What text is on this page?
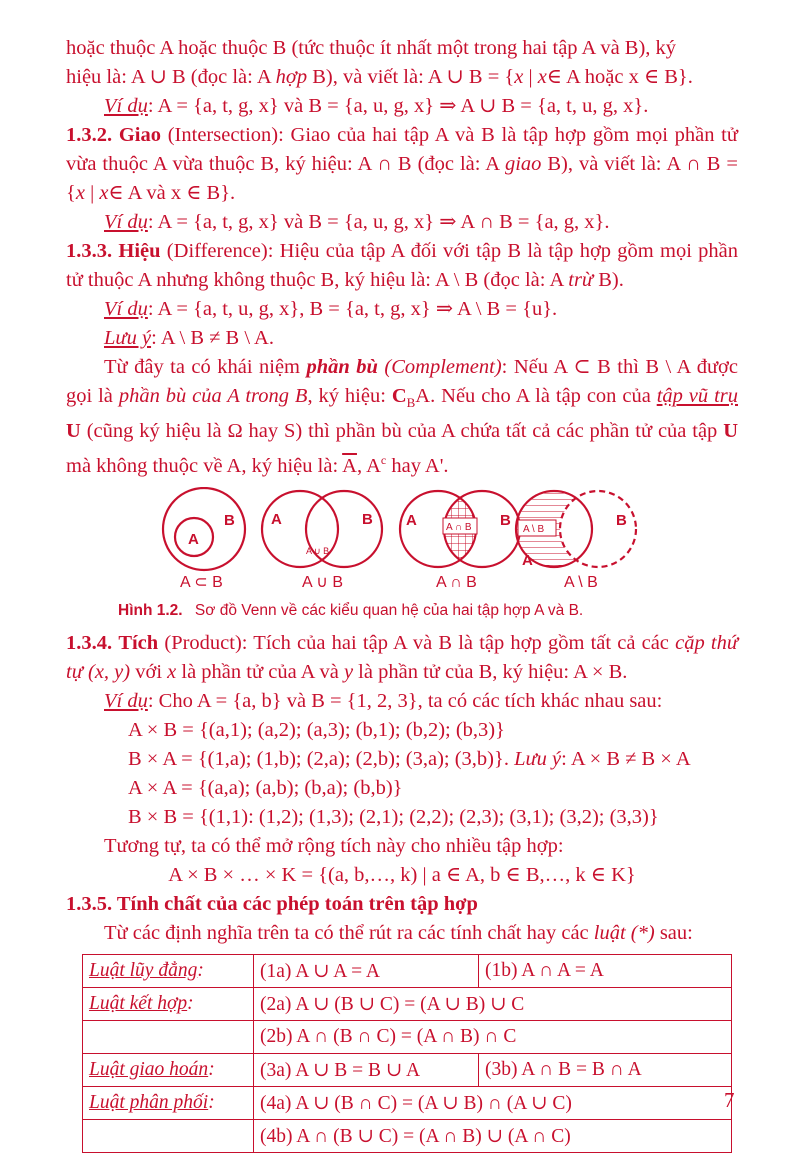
hoặc thuộc A hoặc thuộc B (tức thuộc ít nhất một trong hai tập A và B), ký

hiệu là: A ∪ B (đọc là: A hợp B), và viết là: A ∪ B = {x | x∈ A hoặc x ∈ B}.

Ví dụ: A = {a, t, g, x} và B = {a, u, g, x} ⇒ A ∪ B = {a, t, u, g, x}.

1.3.2. Giao (Intersection): Giao của hai tập A và B là tập hợp gồm mọi phần tử vừa thuộc A vừa thuộc B, ký hiệu: A ∩ B (đọc là: A giao B), và viết là: A ∩ B = {x | x∈ A và x ∈ B}.

Ví dụ: A = {a, t, g, x} và B = {a, u, g, x} ⇒ A ∩ B = {a, g, x}.

1.3.3. Hiệu (Difference): Hiệu của tập A đối với tập B là tập hợp gồm mọi phần tử thuộc A nhưng không thuộc B, ký hiệu là: A \ B (đọc là: A trừ B).

Ví dụ: A = {a, t, u, g, x}, B = {a, t, g, x} ⇒ A \ B = {u}.

Lưu ý: A \ B ≠ B \ A.

Từ đây ta có khái niệm phần bù (Complement): Nếu A ⊂ B thì B \ A được gọi là phần bù của A trong B, ký hiệu: $C_BA$. Nếu cho A là tập con của tập vũ trụ U (cũng ký hiệu là Ω hay S) thì phần bù của A chứa tất cả các phần tử của tập U mà không thuộc về A, ký hiệu là: $\overline{A}$, $A^c$ hay A'.

A
B
A ⊂ B
A	B
A ∪ B
A ∪ B
A ∩ B
A	B
A ∩ B
A \ B
A
B
A \ B

Hình 1.2. Sơ đồ Venn về các kiểu quan hệ của hai tập hợp A và B.

1.3.4. Tích (Product): Tích của hai tập A và B là tập hợp gồm tất cả các cặp thứ tự (x, y) với x là phần tử của A và y là phần tử của B, ký hiệu: A × B.

Ví dụ: Cho A = {a, b} và B = {1, 2, 3}, ta có các tích khác nhau sau:

A × B = {(a,1); (a,2); (a,3); (b,1); (b,2); (b,3)}

B × A = {(1,a); (1,b); (2,a); (2,b); (3,a); (3,b)}. Lưu ý: A × B ≠ B × A

A × A = {(a,a); (a,b); (b,a); (b,b)}

B × B = {(1,1): (1,2); (1,3); (2,1); (2,2); (2,3); (3,1); (3,2); (3,3)}

Tương tự, ta có thể mở rộng tích này cho nhiều tập hợp:

A × B × … × K = {(a, b,…, k) | a ∈ A, b ∈ B,…, k ∈ K}

1.3.5. Tính chất của các phép toán trên tập hợp

Từ các định nghĩa trên ta có thể rút ra các tính chất hay các luật (*) sau:

Luật lũy đẳng:	(1a) A ∪ A = A	(1b) A ∩ A = A
Luật kết hợp:	(2a) A ∪ (B ∪ C) = (A ∪ B) ∪ C	
	(2b) A ∩ (B ∩ C) = (A ∩ B) ∩ C	
Luật giao hoán:	(3a) A ∪ B = B ∪ A	(3b) A ∩ B = B ∩ A
Luật phân phối:	(4a) A ∪ (B ∩ C) = (A ∪ B) ∩ (A ∪ C)	
	(4b) A ∩ (B ∪ C) = (A ∩ B) ∪ (A ∩ C)	
7
